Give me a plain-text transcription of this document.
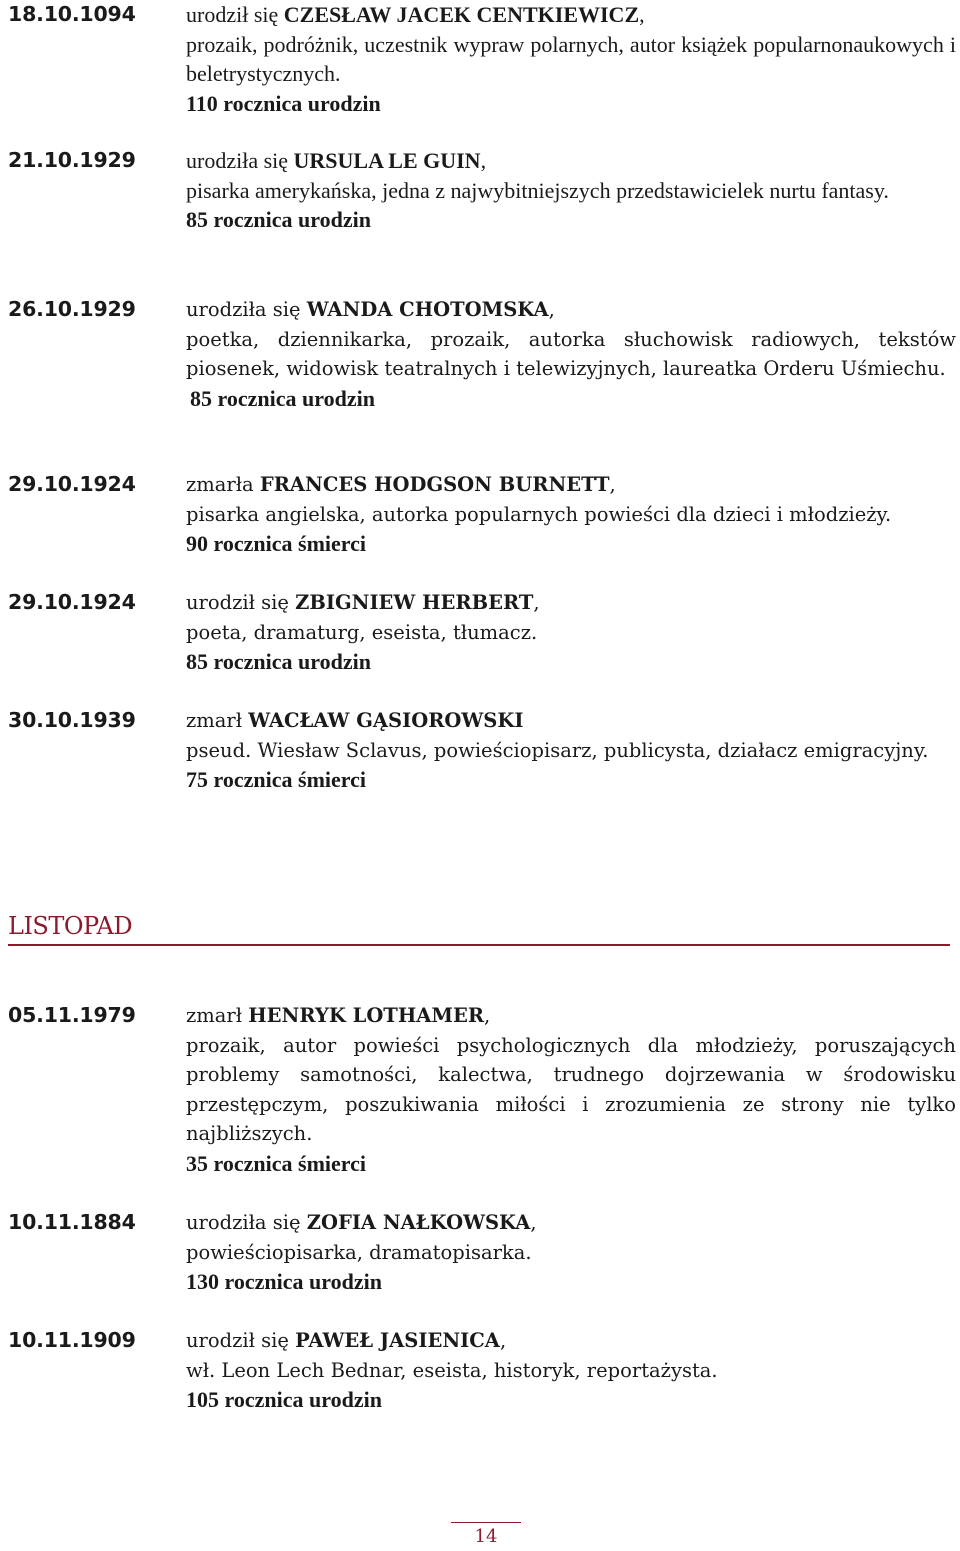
18.10.1094	urodził się CZESŁAW JACEK CENTKIEWICZ,
prozaik, podróżnik, uczestnik wypraw polarnych, autor książek popularnonaukowych i beletrystycznych.
110 rocznica urodzin
21.10.1929	urodziła się URSULA LE GUIN,
pisarka amerykańska, jedna z najwybitniejszych przedstawicielek nurtu fantasy.
85 rocznica urodzin
26.10.1929	urodziła się WANDA CHOTOMSKA,
poetka, dziennikarka, prozaik, autorka słuchowisk radiowych, tekstów piosenek, widowisk teatralnych i telewizyjnych, laureatka Orderu Uśmiechu.
85 rocznica urodzin
29.10.1924	zmarła FRANCES HODGSON BURNETT,
pisarka angielska, autorka popularnych powieści dla dzieci i młodzieży.
90 rocznica śmierci
29.10.1924	urodził się ZBIGNIEW HERBERT,
poeta, dramaturg, eseista, tłumacz.
85 rocznica urodzin
30.10.1939	zmarł WACŁAW GĄSIOROWSKI
pseud. Wiesław Sclavus, powieściopisarz, publicysta, działacz emigracyjny.
75 rocznica śmierci
LISTOPAD
05.11.1979	zmarł HENRYK LOTHAMER,
prozaik, autor powieści psychologicznych dla młodzieży, poruszających problemy samotności, kalectwa, trudnego dojrzewania w środowisku przestępczym, poszukiwania miłości i zrozumienia ze strony nie tylko najbliższych.
35 rocznica śmierci
10.11.1884	urodziła się ZOFIA NAŁKOWSKA,
powieściopisarka, dramatopisarka.
130 rocznica urodzin
10.11.1909	urodził się PAWEŁ JASIENICA,
wł. Leon Lech Bednar, eseista, historyk, reportażysta.
105 rocznica urodzin
14
